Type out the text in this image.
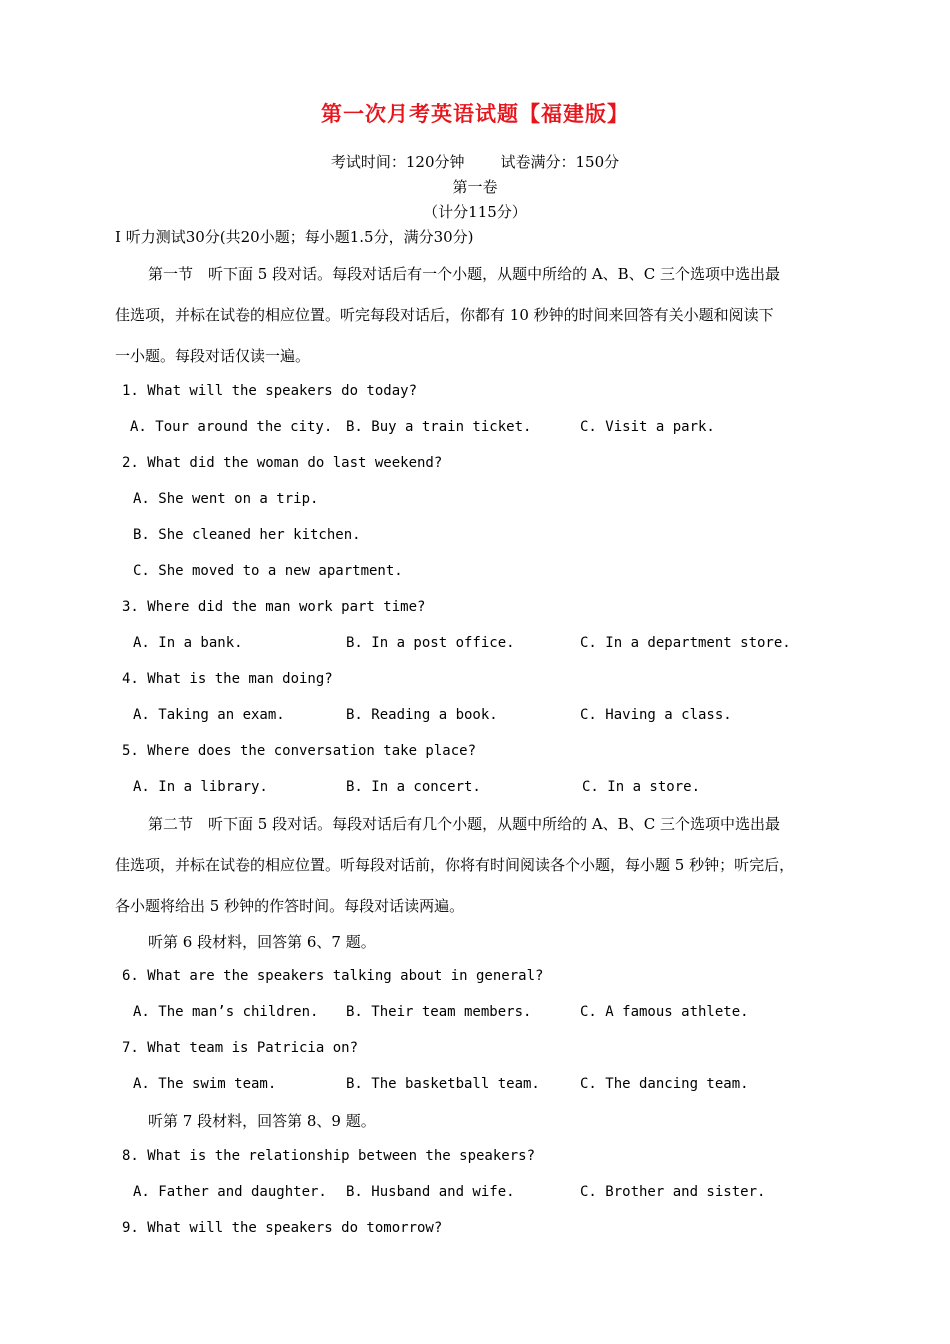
第一次月考英语试题【福建版】
考试时间：120分钟 试卷满分：150分
第一卷
（计分115分）
I 听力测试30分(共20小题；每小题1.5分，满分30分)
第一节　听下面 5 段对话。每段对话后有一个小题，从题中所给的 A、B、C 三个选项中选出最
佳选项，并标在试卷的相应位置。听完每段对话后，你都有 10 秒钟的时间来回答有关小题和阅读下
一小题。每段对话仅读一遍。
1. What will the speakers do today?
A. Tour around the city. B. Buy a train ticket.	C. Visit a park.
2. What did the woman do last weekend?
A. She went on a trip.
B. She cleaned her kitchen.
C. She moved to a new apartment.
3. Where did the man work part time?
A. In a bank.	B. In a post office.	C. In a department store.
4. What is the man doing?
A. Taking an exam.	B. Reading a book.	C. Having a class.
5. Where does the conversation take place?
A. In a library.	B. In a concert.	C. In a store.
第二节　听下面 5 段对话。每段对话后有几个小题，从题中所给的 A、B、C 三个选项中选出最
佳选项，并标在试卷的相应位置。听每段对话前，你将有时间阅读各个小题，每小题 5 秒钟；听完后，
各小题将给出 5 秒钟的作答时间。每段对话读两遍。
听第 6 段材料，回答第 6、7 题。
6. What are the speakers talking about in general?
A. The man’s children. B. Their team members.	C. A famous athlete.
7. What team is Patricia on?
A. The swim team.	B. The basketball team.	C. The dancing team.
听第 7 段材料，回答第 8、9 题。
8. What is the relationship between the speakers?
A. Father and daughter. B. Husband and wife.	C. Brother and sister.
9. What will the speakers do tomorrow?
